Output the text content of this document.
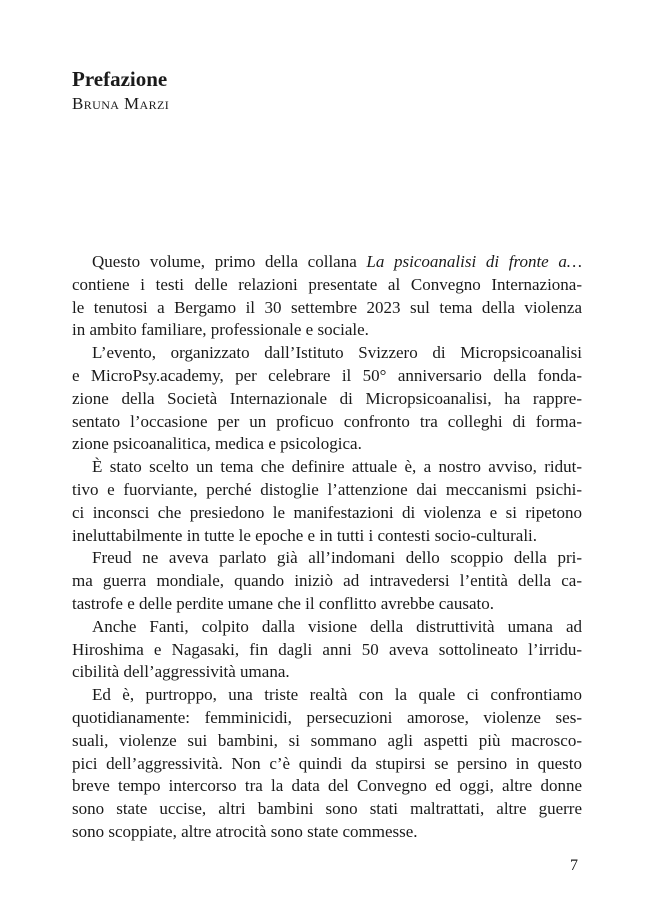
Prefazione
Bruna Marzi
Questo volume, primo della collana La psicoanalisi di fronte a…
contiene i testi delle relazioni presentate al Convegno Internaziona-
le tenutosi a Bergamo il 30 settembre 2023 sul tema della violenza
in ambito familiare, professionale e sociale.
L’evento, organizzato dall’Istituto Svizzero di Micropsicoanalisi
e MicroPsy.academy, per celebrare il 50° anniversario della fonda-
zione della Società Internazionale di Micropsicoanalisi, ha rappre-
sentato l’occasione per un proficuo confronto tra colleghi di forma-
zione psicoanalitica, medica e psicologica.
È stato scelto un tema che definire attuale è, a nostro avviso, ridut-
tivo e fuorviante, perché distoglie l’attenzione dai meccanismi psichi-
ci inconsci che presiedono le manifestazioni di violenza e si ripetono
ineluttabilmente in tutte le epoche e in tutti i contesti socio-culturali.
Freud ne aveva parlato già all’indomani dello scoppio della pri-
ma guerra mondiale, quando iniziò ad intravedersi l’entità della ca-
tastrofe e delle perdite umane che il conflitto avrebbe causato.
Anche Fanti, colpito dalla visione della distruttività umana ad
Hiroshima e Nagasaki, fin dagli anni 50 aveva sottolineato l’irridu-
cibilità dell’aggressività umana.
Ed è, purtroppo, una triste realtà con la quale ci confrontiamo
quotidianamente: femminicidi, persecuzioni amorose, violenze ses-
suali, violenze sui bambini, si sommano agli aspetti più macrosco-
pici dell’aggressività. Non c’è quindi da stupirsi se persino in questo
breve tempo intercorso tra la data del Convegno ed oggi, altre donne
sono state uccise, altri bambini sono stati maltrattati, altre guerre
sono scoppiate, altre atrocità sono state commesse.
7
